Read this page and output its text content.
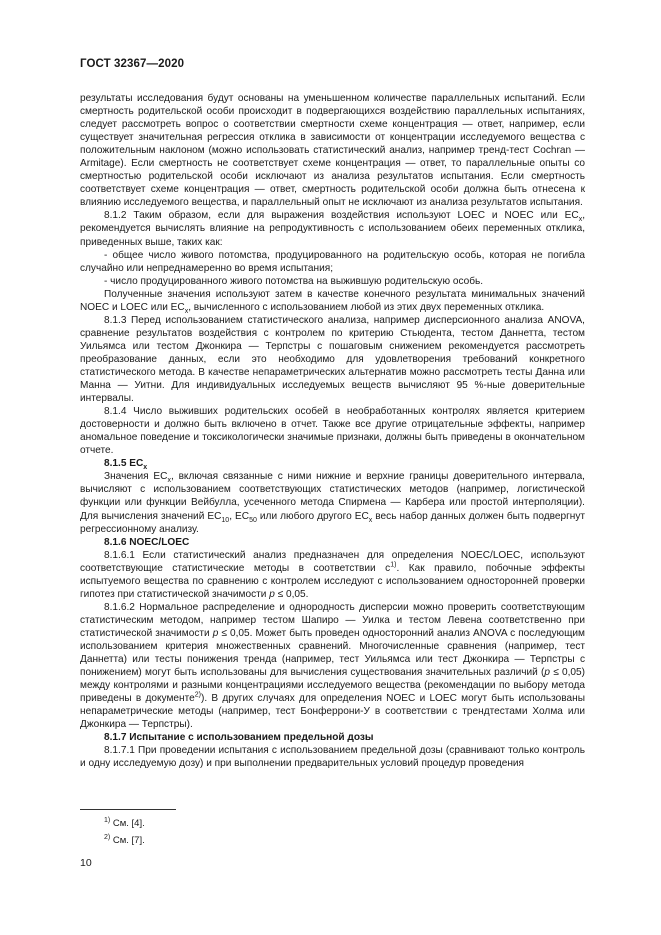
ГОСТ 32367—2020

результаты исследования будут основаны на уменьшенном количестве параллельных испытаний. Если смертность родительской особи происходит в подвергающихся воздействию параллельных испытаниях, следует рассмотреть вопрос о соответствии смертности схеме концентрация — ответ, например, если существует значительная регрессия отклика в зависимости от концентрации исследуемого вещества с положительным наклоном (можно использовать статистический анализ, например тренд-тест Cochran — Armitage). Если смертность не соответствует схеме концентрация — ответ, то параллельные опыты со смертностью родительской особи исключают из анализа результатов испытания. Если смертность соответствует схеме концентрация — ответ, смертность родительской особи должна быть отнесена к влиянию исследуемого вещества, и параллельный опыт не исключают из анализа результатов испытания.

8.1.2 Таким образом, если для выражения воздействия используют LOEC и NOEC или $EC_x$, рекомендуется вычислять влияние на репродуктивность с использованием обеих переменных отклика, приведенных выше, таких как:

- общее число живого потомства, продуцированного на родительскую особь, которая не погибла случайно или непреднамеренно во время испытания;

- число продуцированного живого потомства на выжившую родительскую особь.

Полученные значения используют затем в качестве конечного результата минимальных значений NOEC и LOEC или $EC_x$, вычисленного с использованием любой из этих двух переменных отклика.

8.1.3 Перед использованием статистического анализа, например дисперсионного анализа ANOVA, сравнение результатов воздействия с контролем по критерию Стьюдента, тестом Даннетта, тестом Уильямса или тестом Джонкира — Терпстры с пошаговым снижением рекомендуется рассмотреть преобразование данных, если это необходимо для удовлетворения требований конкретного статистического метода. В качестве непараметрических альтернатив можно рассмотреть тесты Данна или Манна — Уитни. Для индивидуальных исследуемых веществ вычисляют 95 %-ные доверительные интервалы.

8.1.4 Число выживших родительских особей в необработанных контролях является критерием достоверности и должно быть включено в отчет. Также все другие отрицательные эффекты, например аномальное поведение и токсикологически значимые признаки, должны быть приведены в окончательном отчете.

8.1.5 $EC_x$

Значения $EC_x$, включая связанные с ними нижние и верхние границы доверительного интервала, вычисляют с использованием соответствующих статистических методов (например, логистической функции или функции Вейбулла, усеченного метода Спирмена — Карбера или простой интерполяции). Для вычисления значений $EC_{10}$, $EC_{50}$ или любого другого $EC_x$ весь набор данных должен быть подвергнут регрессионному анализу.

8.1.6 NOEC/LOEC

8.1.6.1 Если статистический анализ предназначен для определения NOEC/LOEC, используют соответствующие статистические методы в соответствии $с^{1)}$. Как правило, побочные эффекты испытуемого вещества по сравнению с контролем исследуют с использованием односторонней проверки гипотез при статистической значимости p ≤ 0,05.

8.1.6.2 Нормальное распределение и однородность дисперсии можно проверить соответствующим статистическим методом, например тестом Шапиро — Уилка и тестом Левена соответственно при статистической значимости p ≤ 0,05. Может быть проведен односторонний анализ ANOVA с последующим использованием критерия множественных сравнений. Многочисленные сравнения (например, тест Даннетта) или тесты понижения тренда (например, тест Уильямса или тест Джонкира — Терпстры с понижением) могут быть использованы для вычисления существования значительных различий (p ≤ 0,05) между контролями и разными концентрациями исследуемого вещества (рекомендации по выбору метода приведены в документе$^{2)}$). В других случаях для определения NOEC и LOEC могут быть использованы непараметрические методы (например, тест Бонферрони-У в соответствии с трендтестами Холма или Джонкира — Терпстры).

8.1.7 Испытание с использованием предельной дозы

8.1.7.1 При проведении испытания с использованием предельной дозы (сравнивают только контроль и одну исследуемую дозу) и при выполнении предварительных условий процедур проведения

$^{1)}$ См. [4].
$^{2)}$ См. [7].
10
